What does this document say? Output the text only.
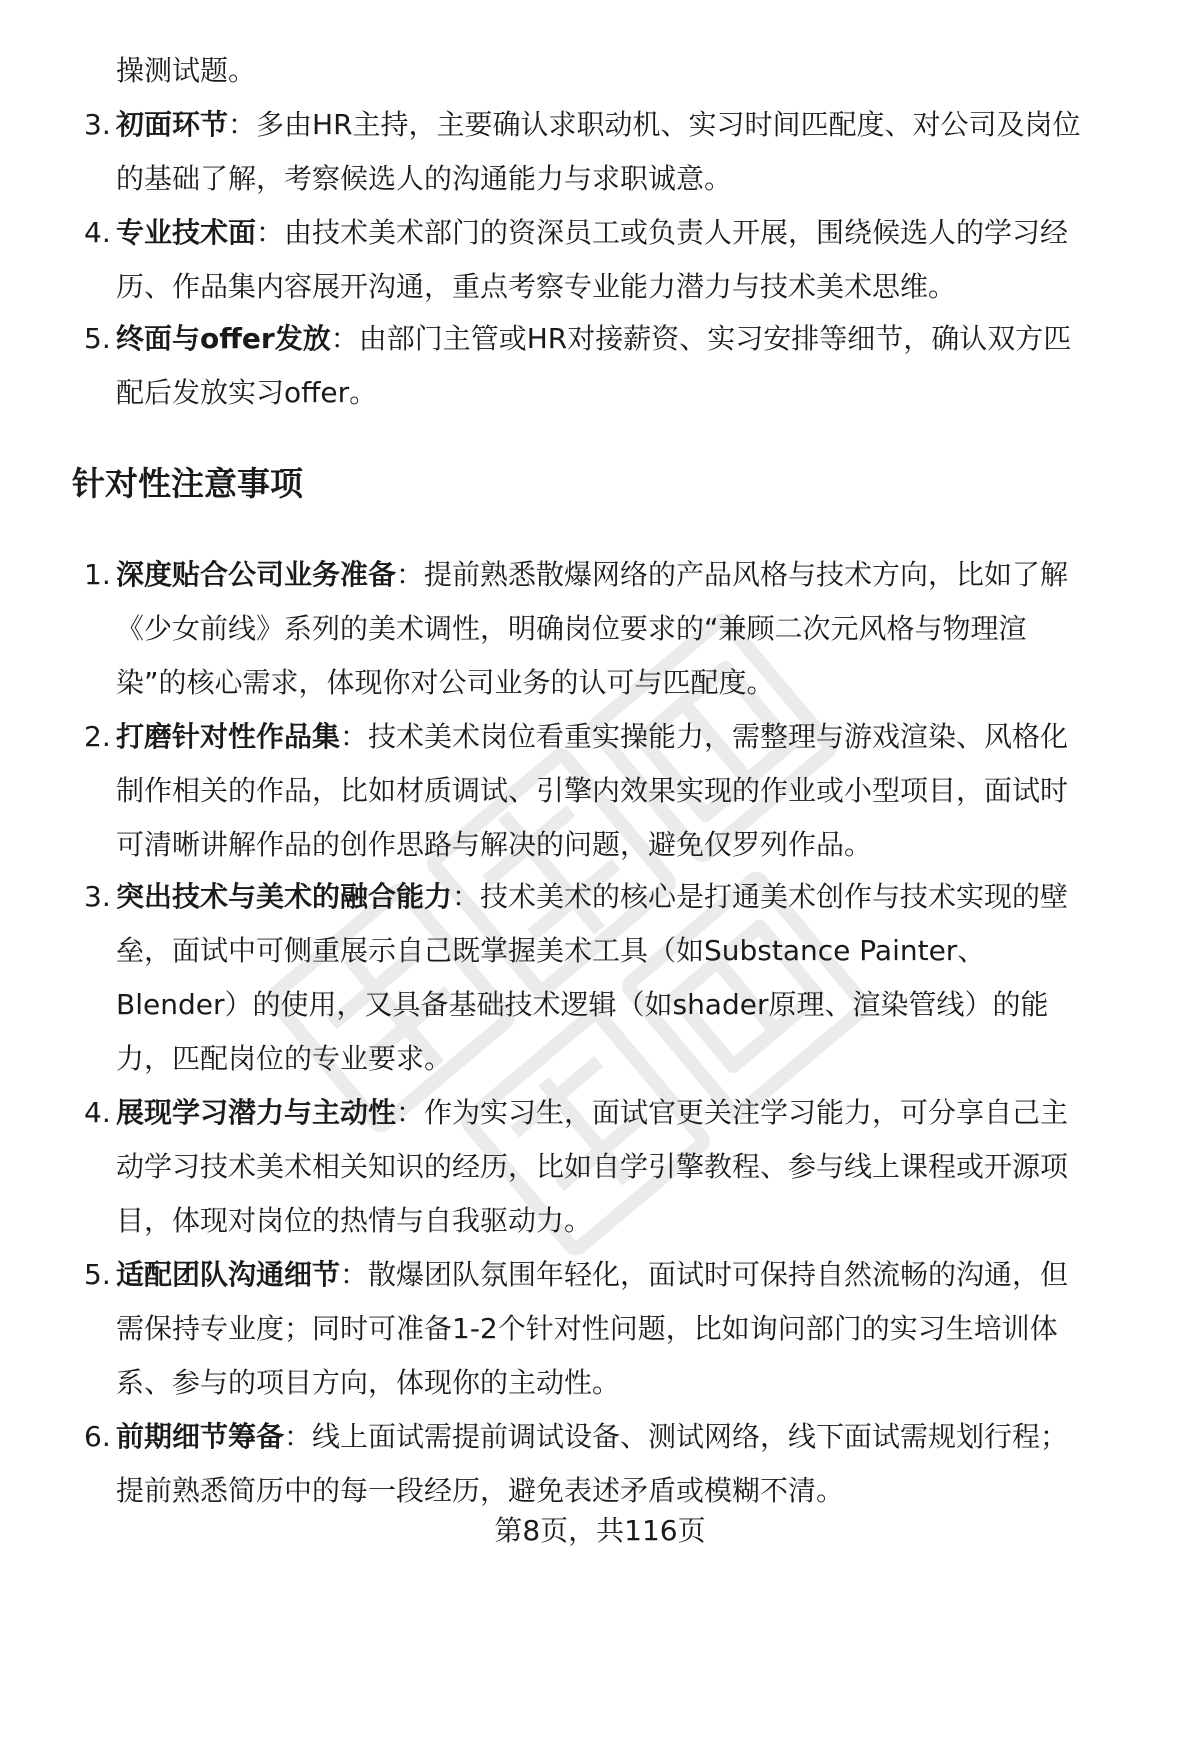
操测试题。
3. 初面环节：多由HR主持，主要确认求职动机、实习时间匹配度、对公司及岗位
的基础了解，考察候选人的沟通能力与求职诚意。
4. 专业技术面：由技术美术部门的资深员工或负责人开展，围绕候选人的学习经
历、作品集内容展开沟通，重点考察专业能力潜力与技术美术思维。
5. 终面与offer发放：由部门主管或HR对接薪资、实习安排等细节，确认双方匹
配后发放实习offer。
针对性注意事项
1. 深度贴合公司业务准备：提前熟悉散爆网络的产品风格与技术方向，比如了解
《少女前线》系列的美术调性，明确岗位要求的“兼顾二次元风格与物理渲
染”的核心需求，体现你对公司业务的认可与匹配度。
2. 打磨针对性作品集：技术美术岗位看重实操能力，需整理与游戏渲染、风格化
制作相关的作品，比如材质调试、引擎内效果实现的作业或小型项目，面试时
可清晰讲解作品的创作思路与解决的问题，避免仅罗列作品。
3. 突出技术与美术的融合能力：技术美术的核心是打通美术创作与技术实现的壁
垒，面试中可侧重展示自己既掌握美术工具（如Substance Painter、
Blender）的使用，又具备基础技术逻辑（如shader原理、渲染管线）的能
力，匹配岗位的专业要求。
4. 展现学习潜力与主动性：作为实习生，面试官更关注学习能力，可分享自己主
动学习技术美术相关知识的经历，比如自学引擎教程、参与线上课程或开源项
目，体现对岗位的热情与自我驱动力。
5. 适配团队沟通细节：散爆团队氛围年轻化，面试时可保持自然流畅的沟通，但
需保持专业度；同时可准备1-2个针对性问题，比如询问部门的实习生培训体
系、参与的项目方向，体现你的主动性。
6. 前期细节筹备：线上面试需提前调试设备、测试网络，线下面试需规划行程；
提前熟悉简历中的每一段经历，避免表述矛盾或模糊不清。
第8页，共116页
